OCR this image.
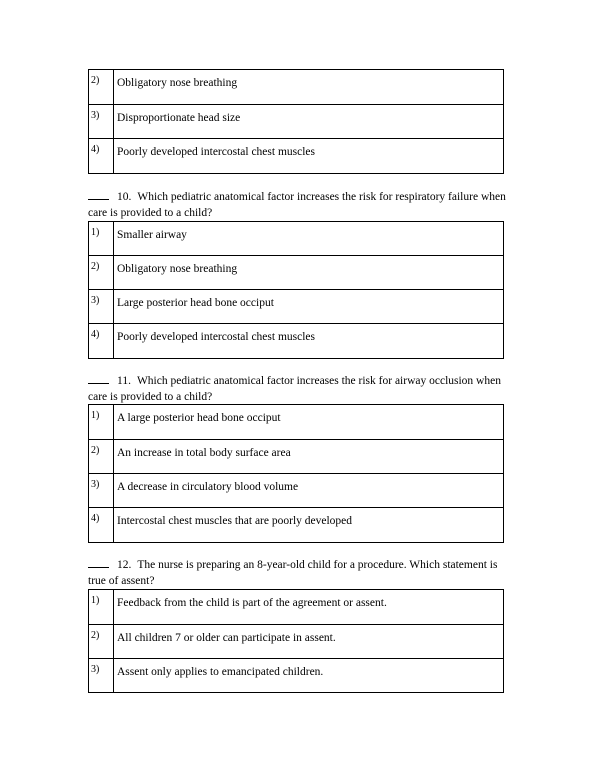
2)	Obligatory nose breathing
3)	Disproportionate head size
4)	Poorly developed intercostal chest muscles
10. Which pediatric anatomical factor increases the risk for respiratory failure when care is provided to a child?
1)	Smaller airway
2)	Obligatory nose breathing
3)	Large posterior head bone occiput
4)	Poorly developed intercostal chest muscles
11. Which pediatric anatomical factor increases the risk for airway occlusion when care is provided to a child?
1)	A large posterior head bone occiput
2)	An increase in total body surface area
3)	A decrease in circulatory blood volume
4)	Intercostal chest muscles that are poorly developed
12. The nurse is preparing an 8-year-old child for a procedure. Which statement is true of assent?
1)	Feedback from the child is part of the agreement or assent.
2)	All children 7 or older can participate in assent.
3)	Assent only applies to emancipated children.
